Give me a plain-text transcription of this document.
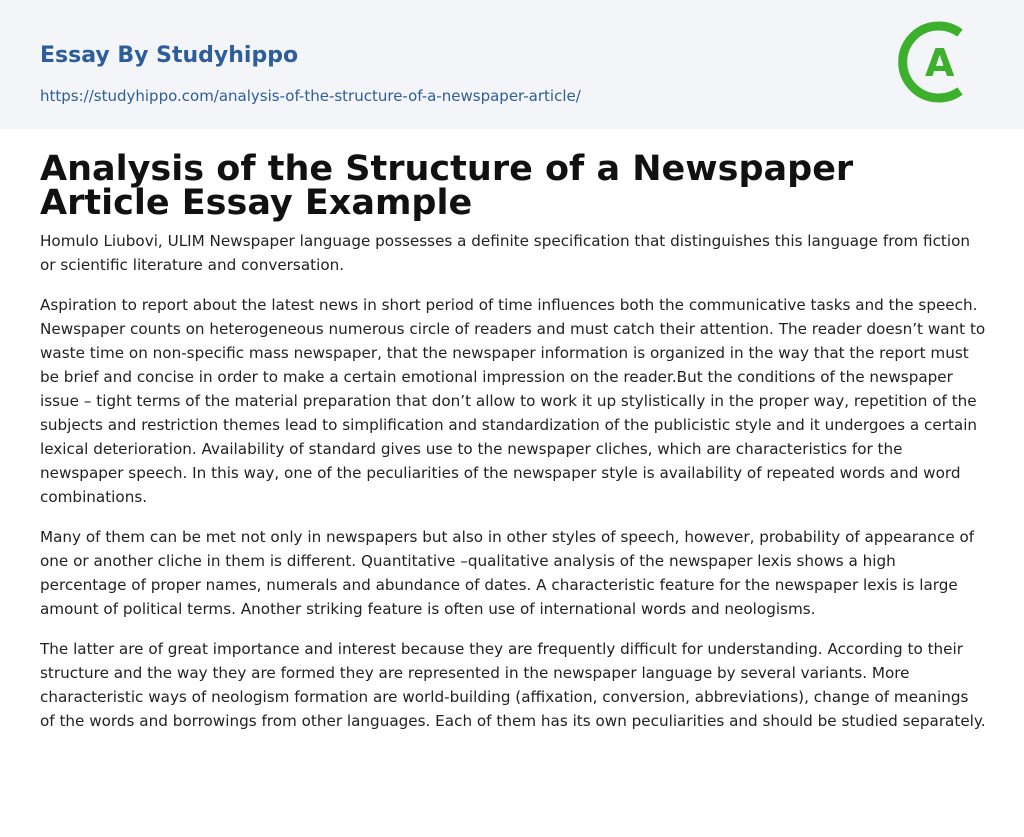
Essay By Studyhippo
https://studyhippo.com/analysis-of-the-structure-of-a-newspaper-article/
A
Analysis of the Structure of a Newspaper Article Essay Example

Homulo Liubovi, ULIM Newspaper language possesses a definite specification that distinguishes this language from fiction or scientific literature and conversation.

Aspiration to report about the latest news in short period of time influences both the communicative tasks and the speech. Newspaper counts on heterogeneous numerous circle of readers and must catch their attention. The reader doesn’t want to waste time on non-specific mass newspaper, that the newspaper information is organized in the way that the report must be brief and concise in order to make a certain emotional impression on the reader.But the conditions of the newspaper issue – tight terms of the material preparation that don’t allow to work it up stylistically in the proper way, repetition of the subjects and restriction themes lead to simplification and standardization of the publicistic style and it undergoes a certain lexical deterioration. Availability of standard gives use to the newspaper cliches, which are characteristics for the newspaper speech. In this way, one of the peculiarities of the newspaper style is availability of repeated words and word combinations.

Many of them can be met not only in newspapers but also in other styles of speech, however, probability of appearance of one or another cliche in them is different. Quantitative –qualitative analysis of the newspaper lexis shows a high percentage of proper names, numerals and abundance of dates. A characteristic feature for the newspaper lexis is large amount of political terms. Another striking feature is often use of international words and neologisms.

The latter are of great importance and interest because they are frequently difficult for understanding. According to their structure and the way they are formed they are represented in the newspaper language by several variants. More characteristic ways of neologism formation are world-building (affixation, conversion, abbreviations), change of meanings of the words and borrowings from other languages. Each of them has its own peculiarities and should be studied separately.
